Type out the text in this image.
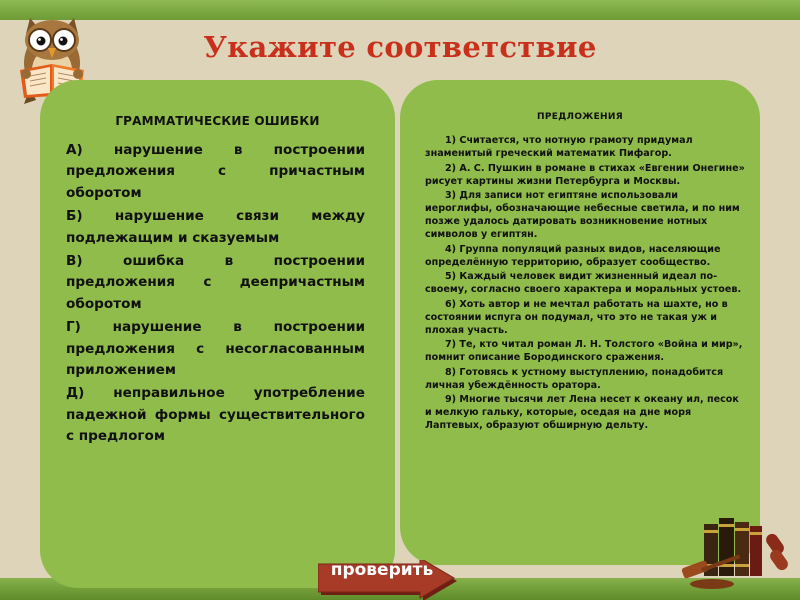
Укажите соответствие
ГРАММАТИЧЕСКИЕ ОШИБКИ
А) нарушение в построении предложения с причастным оборотом
Б) нарушение связи между подлежащим и сказуемым
В) ошибка в построении предложения с деепричастным оборотом
Г) нарушение в построении предложения с несогласованным приложением
Д) неправильное употребление падежной формы существительного с предлогом
ПРЕДЛОЖЕНИЯ
1) Считается, что нотную грамоту придумал знаменитый греческий математик Пифагор.
2) А. С. Пушкин в романе в стихах «Евгении Онегине» рисует картины жизни Петербурга и Москвы.
3) Для записи нот египтяне использовали иероглифы, обозначающие небесные светила, и по ним позже удалось датировать возникновение нотных символов у египтян.
4) Группа популяций разных видов, населяющие определённую территорию, образует сообщество.
5) Каждый человек видит жизненный идеал по-своему, согласно своего характера и моральных устоев.
6) Хоть автор и не мечтал работать на шахте, но в состоянии испуга он подумал, что это не такая уж и плохая участь.
7) Те, кто читал роман Л. Н. Толстого «Война и мир», помнит описание Бородинского сражения.
8) Готовясь к устному выступлению, понадобится личная убеждённость оратора.
9) Многие тысячи лет Лена несет к океану ил, песок и мелкую гальку, которые, оседая на дне моря Лаптевых, образуют обширную дельту.
проверить
